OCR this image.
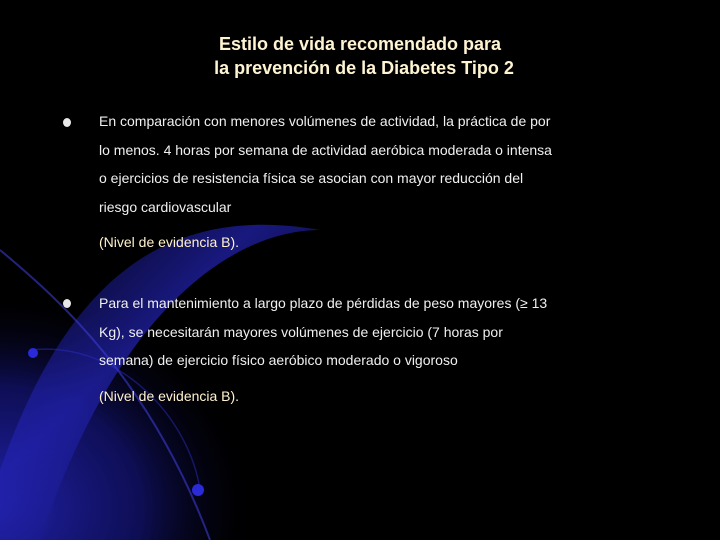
Estilo de vida recomendado para
la prevención de la Diabetes Tipo 2
En comparación con menores volúmenes de actividad, la práctica de por
lo menos. 4 horas por semana de actividad aeróbica moderada o intensa
o ejercicios de resistencia física se asocian con mayor reducción del
riesgo cardiovascular
(Nivel de evidencia B).
Para el mantenimiento a largo plazo de pérdidas de peso mayores (≥ 13
Kg), se necesitarán mayores volúmenes de ejercicio (7 horas por
semana) de ejercicio físico aeróbico moderado o vigoroso
(Nivel de evidencia B).
